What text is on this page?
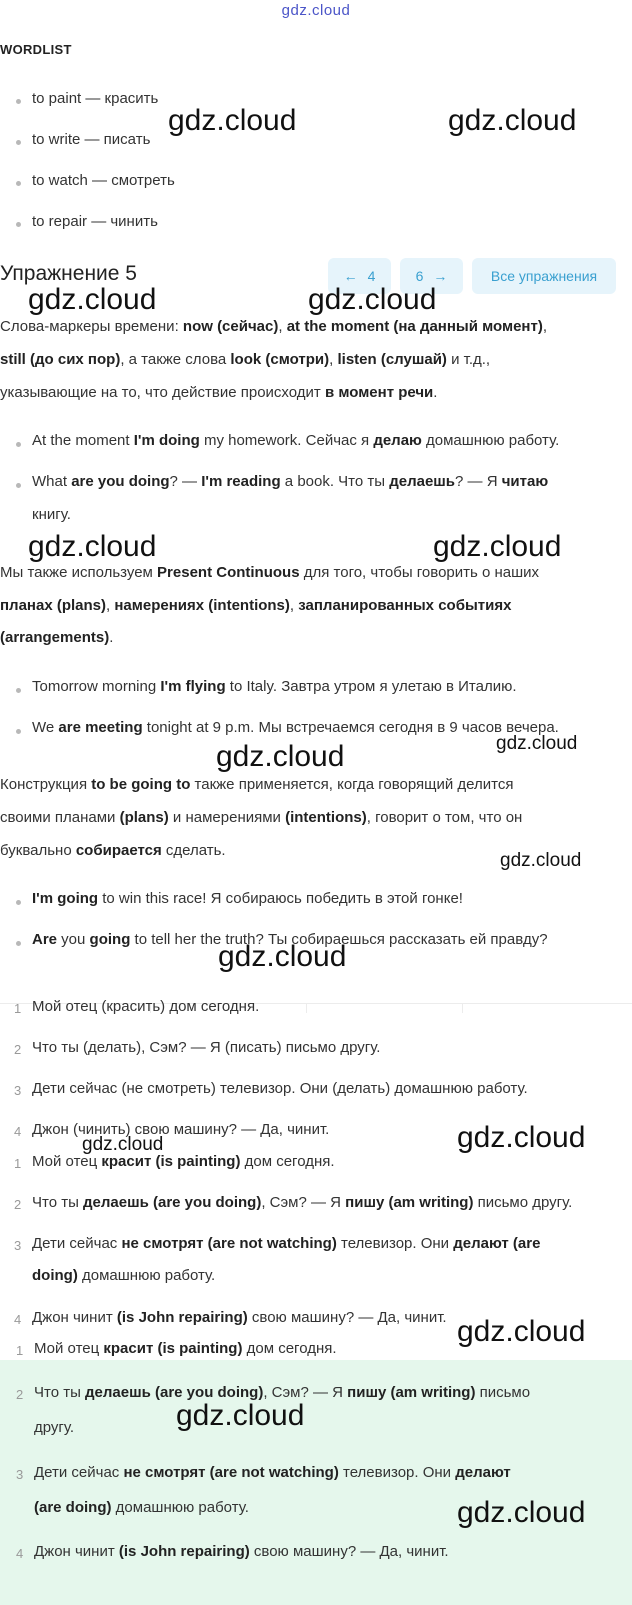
gdz.cloud
WORDLIST
to paint — красить
to write — писать
to watch — смотреть
to repair — чинить
Упражнение 5	← 4	6 →	Все упражнения
Слова-маркеры времени: now (сейчас), at the moment (на данный момент),
still (до сих пор), а также слова look (смотри), listen (слушай) и т.д.,
указывающие на то, что действие происходит в момент речи.
At the moment I'm doing my homework. Сейчас я делаю домашнюю работу.
What are you doing? — I'm reading a book. Что ты делаешь? — Я читаю
книгу.
Мы также используем Present Continuous для того, чтобы говорить о наших
планах (plans), намерениях (intentions), запланированных событиях
(arrangements).
Tomorrow morning I'm flying to Italy. Завтра утром я улетаю в Италию.
We are meeting tonight at 9 p.m. Мы встречаемся сегодня в 9 часов вечера.
Конструкция to be going to также применяется, когда говорящий делится
своими планами (plans) и намерениями (intentions), говорит о том, что он
буквально собирается сделать.
I'm going to win this race! Я собираюсь победить в этой гонке!
Are you going to tell her the truth? Ты собираешься рассказать ей правду?
1 Мой отец (красить) дом сегодня.
2 Что ты (делать), Сэм? — Я (писать) письмо другу.
3 Дети сейчас (не смотреть) телевизор. Они (делать) домашнюю работу.
4 Джон (чинить) свою машину? — Да, чинит.
1 Мой отец красит (is painting) дом сегодня.
2 Что ты делаешь (are you doing), Сэм? — Я пишу (am writing) письмо другу.
3 Дети сейчас не смотрят (are not watching) телевизор. Они делают (are
doing) домашнюю работу.
4 Джон чинит (is John repairing) свою машину? — Да, чинит.
1 Мой отец красит (is painting) дом сегодня.
2 Что ты делаешь (are you doing), Сэм? — Я пишу (am writing) письмо
другу.
3 Дети сейчас не смотрят (are not watching) телевизор. Они делают
(are doing) домашнюю работу.
4 Джон чинит (is John repairing) свою машину? — Да, чинит.
gdz.cloud	gdz.cloud
gdz.cloud	gdz.cloud
gdz.cloud	gdz.cloud
gdz.cloud	gdz.cloud
gdz.cloud
gdz.cloud
gdz.cloud
gdz.cloud
gdz.cloud
gdz.cloud
gdz.cloud
